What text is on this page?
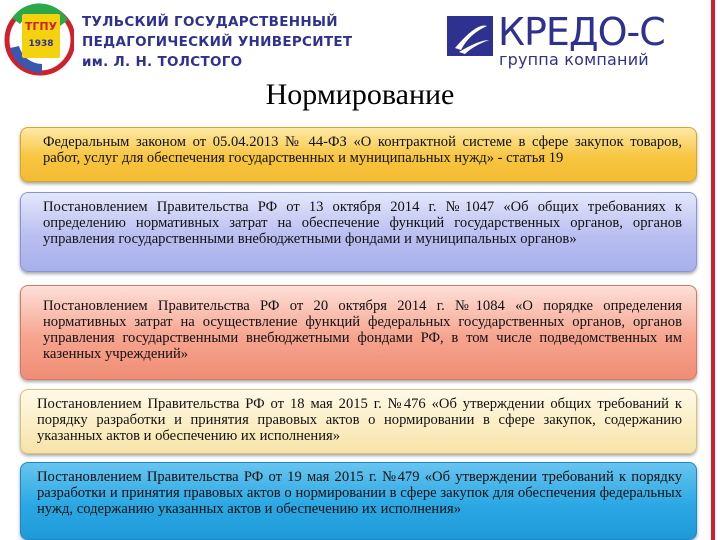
ТГПУ
1938
ТУЛЬСКИЙ ГОСУДАРСТВЕННЫЙ
ПЕДАГОГИЧЕСКИЙ УНИВЕРСИТЕТ
им. Л. Н. ТОЛСТОГО
КРЕДО-С
группа компаний
Нормирование
Федеральным законом от 05.04.2013 № 44-ФЗ «О контрактной системе в сфере закупок товаров, работ, услуг для обеспечения государственных и муниципальных нужд» - статья 19
Постановлением Правительства РФ от 13 октября 2014 г. №1047 «Об общих требованиях к определению нормативных затрат на обеспечение функций государственных органов, органов управления государственными внебюджетными фондами и муниципальных органов»
Постановлением Правительства РФ от 20 октября 2014 г. №1084 «О порядке определения нормативных затрат на осуществление функций федеральных государственных органов, органов управления государственными внебюджетными фондами РФ, в том числе подведомственных им казенных учреждений»
Постановлением Правительства РФ от 18 мая 2015 г. №476 «Об утверждении общих требований к порядку разработки и принятия правовых актов о нормировании в сфере закупок, содержанию указанных актов и обеспечению их исполнения»
Постановлением Правительства РФ от 19 мая 2015 г. №479 «Об утверждении требований к порядку разработки и принятия правовых актов о нормировании в сфере закупок для обеспечения федеральных нужд, содержанию указанных актов и обеспечению их исполнения»
